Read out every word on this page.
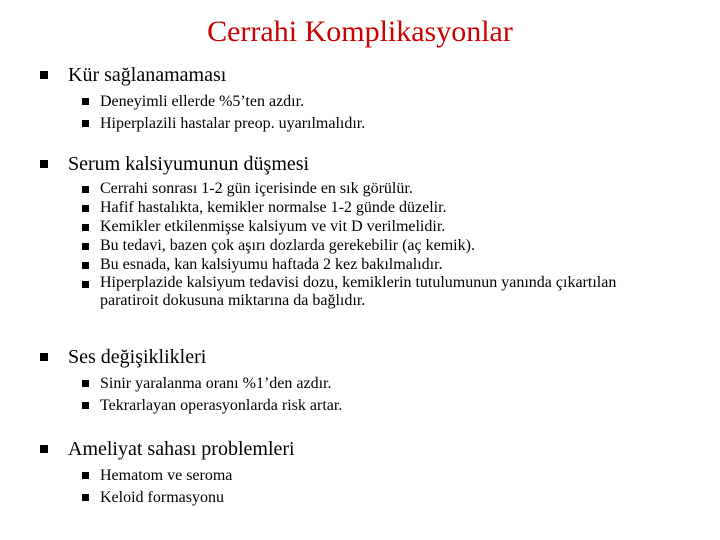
Cerrahi Komplikasyonlar
Kür sağlanamaması
Deneyimli ellerde %5’ten azdır.
Hiperplazili hastalar preop. uyarılmalıdır.
Serum kalsiyumunun düşmesi
Cerrahi sonrası 1-2 gün içerisinde en sık görülür.
Hafif hastalıkta, kemikler normalse 1-2 günde düzelir.
Kemikler etkilenmişse kalsiyum ve vit D verilmelidir.
Bu tedavi, bazen çok aşırı dozlarda gerekebilir (aç kemik).
Bu esnada, kan kalsiyumu haftada 2 kez bakılmalıdır.
Hiperplazide kalsiyum tedavisi dozu, kemiklerin tutulumunun yanında çıkartılan paratiroit dokusuna miktarına da bağlıdır.
Ses değişiklikleri
Sinir yaralanma oranı %1’den azdır.
Tekrarlayan operasyonlarda risk artar.
Ameliyat sahası problemleri
Hematom ve seroma
Keloid formasyonu
